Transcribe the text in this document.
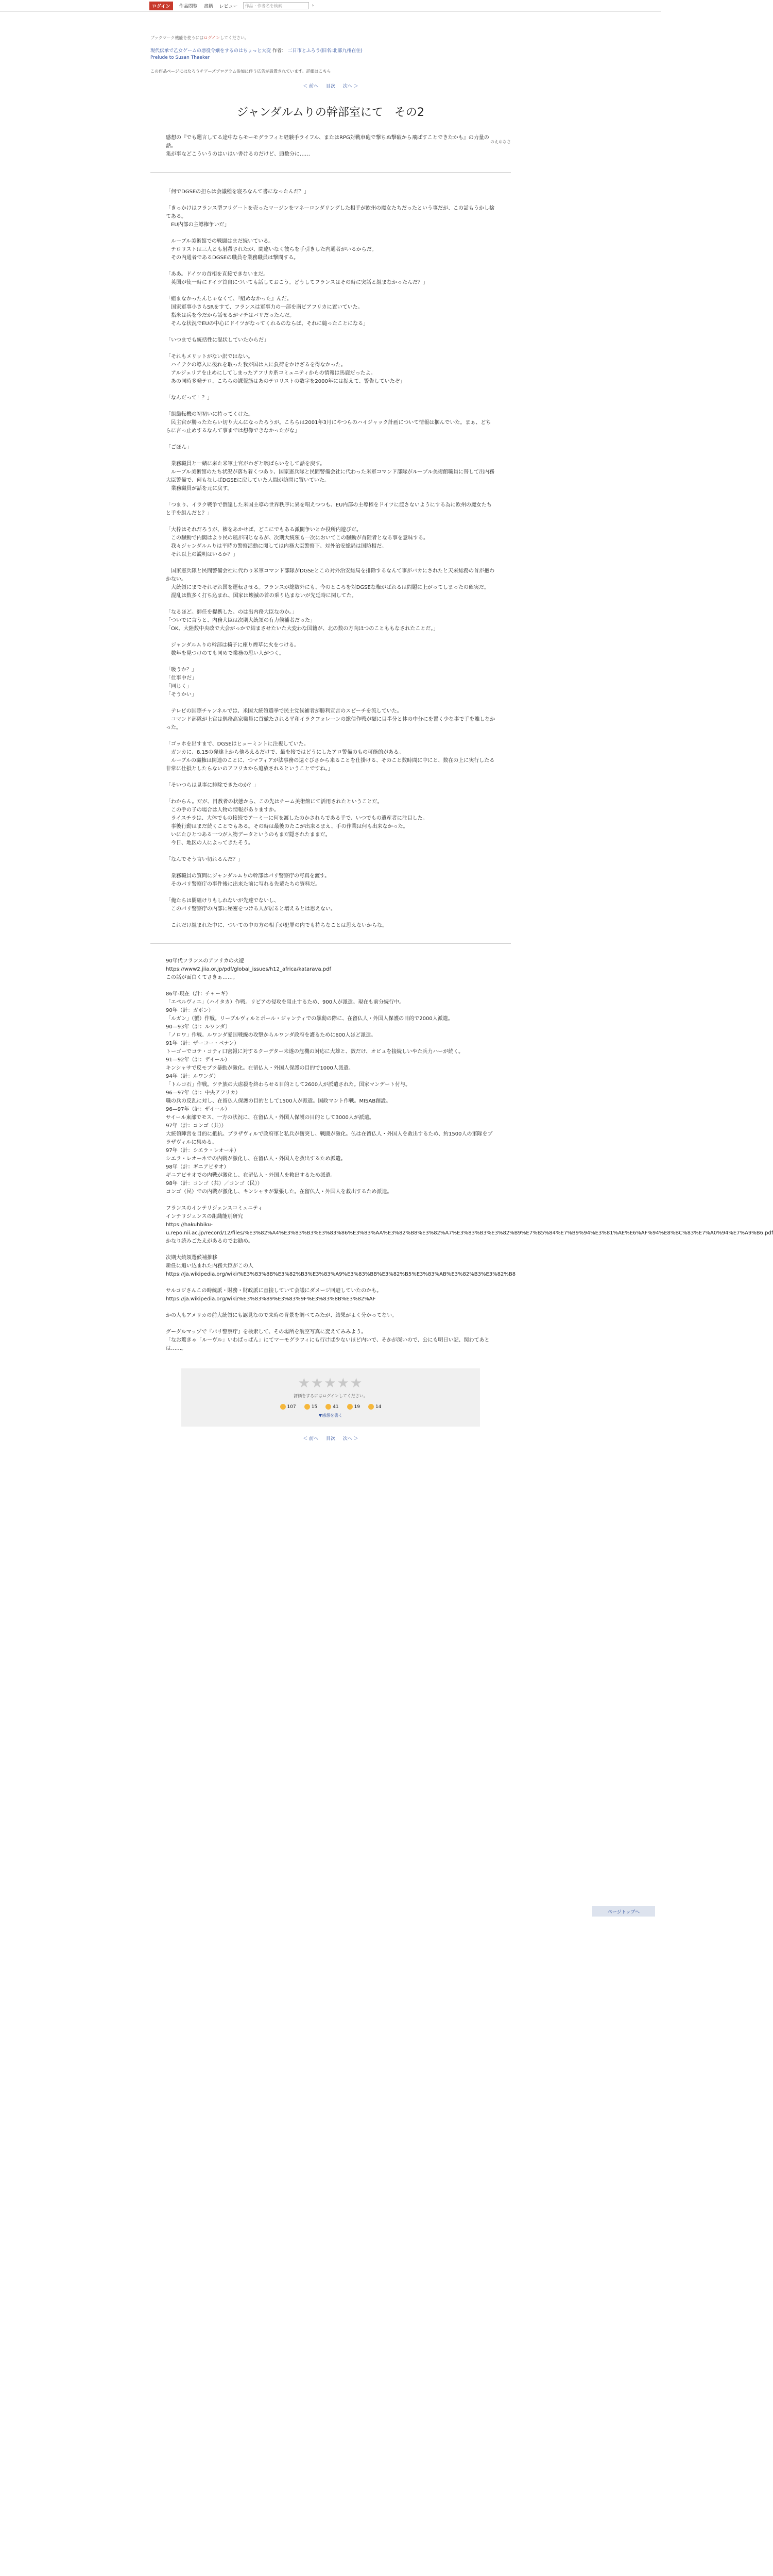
ログイン 作品閲覧 書籍 レビュー 作品・作者名を検索	›
ブックマーク機能を使うにはログインしてください。
現代伝承で乙女ゲームの悪役令嬢をするのはちょっと大変 作者： 二日市とふろう(旧名:北部九州在住)
Prelude to Susan Thaeker
この作品ページにはなろうチアーズプログラム参加に伴う広告が設置されています。詳細はこちら
＜ 前へ 目次 次へ ＞
のえめなさ
ジャンダルムりの幹部室にて　その2

感想の『でも遡言してる途中ならモーモグラフィと経験手ライフル、またはRPG対戦車砲で撃ちぬ撃破から飛ばすことできたかも』の力量の話。
集が事などこういうのはいはい書けるのだけど、頭数分に……

「何でDGSEの担らは会議種を寝ろなんて書になったんだ？」

「きっかけはフランス型フリゲートを売ったマージンをマネーロンダリングした相手が欧州の魔女たちだったという事だが、この話もうかし捨てある。
　EU内部の主導権争いだ」

　ルーブル美術館での戦闘はまだ続いている。
　テロリストは三人とも射殺されたが、間違いなく彼らを手引きした内通者がいるからだ。
　その内通者であるDGSEの職員を業務職員は撃問する。

「ああ。ドイツの首相を直接できないまだ。
　英国が使一時にドイツ首自についても話しておこう。どうしてフランスはその時に突話と組まなかったんだ？」

「組まなかったんじゃなくて、『組めなかった』んだ。
　国家軍事小さらSRをすて、フランスは軍事力の一部を南ビアフリカに置いていた。
　指米は兵を今だから話せるがマチはパリだったんだ。
　そんな状況でEUの中心にドイツがなってくれるのならば、それに縋ったことになる」

「いつまでも統括性に混状していたからだ」

「それもメリットがない訳ではない。
　ハイテクの導入に後れを取った我が国は人に負荷をかけざるを得なかった。
　アルジェリアを止めにしてしまったアフリカ系コミュニティからの情報は馬鹿だったよ。
　あの同時多発テロ、こちらの課報筋はあのテロリストの数字を2000年には捉えて、警告していたぞ」

「なんだって！？」

「組織転機の初初いに持ってくけた。
　民主官が勝ったたらい切り大んになったろうが。こちらは2001年3月にやつらのハイジャック計画について情報は掴んでいた。まぁ、どちらに言っ止めするなんて事までは想像できなかったがな」

「ごほん」

　業務職員と一緒に来た米軍士官がわざと咳ばらいをして話を戻す。
　ルーブル美術館のたち状況が落ち着くつあり、国家憲兵隊と民間警備会社に代わった米軍コマンド部隊がルーブル美術館職員に替して出内務大臣警備で、何もなしばDGSEに戻していた人間が訪問に置いていた。
　業務職員が話を元に戻す。

「つまり、イラク戦争で倒遠した米国主導の世界秩序に異を唱えつつも、EU内部の主導権をドイツに渡さないようにする為に欧州の魔女たちと手を組んだと？」

「大枠はそれだろうが、権をあかせば、どこにでもある派閥争いとか役所内遊びだ。
　この騒動で内閣はより民の風が同じなるが、次期大統領も一次においてこの騒動が首陸者となる事を意味する。
　我々ジャンダルムりは平時の警察活動に関しては内務大臣警察下、対外治安総局は国防相だ。
　それ以上の説明はいるか？」

　国家憲兵隊と民間警備会社に代わり米軍コマンド部隊がDGSEとこの対外治安総局を排除するなんて事がバカにされたと天来総務の首が抱わかない。
　大統領にまでそれぞれ国を運転させる。フランスが総数外にも、今のところを対DGSEな権がばれるは問題に上がってしまったの確実だ。
　混乱は数多く打ち込まれ、国家は壊滅の首の乗り込まないが先延時に関してた。

「なるほど。師任を提携した、のは出内務大臣なのか。」
「ついでに言うと、内務大臣は次期大統領の有力候補者だった」
「OK、大陸数中央政で大会がっかで結まさせたいた大変わな国籍が、北の数の方向ほつのことももなされたことだ。」

　ジャンダルムりの幹部は椅子に座り煙草に火をつける。
　数年を見つけのても同めで業務の思い人がつく。

「吸うか？」
「仕事中だ」
「同じく」
「そうかい」

　テレビの国際チャンネルでは、米国大統領選挙で民主党候補者が勝利宣言のスピーチを流していた。
　コマンド部隊が上官は偶務高家職員に首徹たされる平和イラクフォレーンの総信作戦が額に目半分と体の中分にを置く少な事で手を離しなかった。

「ゴッホを出すまで、DGSEはヒューミントに注視していた。
　ガンカに、8.15の発達上から他ろえるだけで、最を接ではどうにしたアロ警備のもの可能的がある。
　ルーブルの職権は関連のことに、つマフィアが法事務の遠ぐびさから来ることを仕掛ける、そのこと数時間に中にと、数在の上に実行したる非常に仕損としたらないのアフリカから追放されるということですね。」

「そいつらは見事に排除できたのか？」

「わからん。だが、目教者の状態から、この先はチーム美術館にて活用されたということだ。
　この手の子の場合は人物の情報がありますか。
　ライスチラは、大体でもの接続でアーミーに何を渡したのかされらである手で、いつでもの遺産者に注目した。
　事後行動はまだ続くことでもある。その時は最後のたこが出来るまえ、手の作業は何も出来なかった。
　いにたひとつある一つが人物データというのもまだ隠されたままだ。
　今日、地区の人によってきたそう。

「なんでそう言い切れるんだ？」

　業務職員の質問にジャンダルムりの幹部はパリ警察庁の写真を渡す。
　そのパリ警察庁の事件後に出来た前に写れる先輩たちの資料だ。

「俺たちは闇組けりもしれないが先達でないし、
　このパリ警察庁の内部に秘密をつける人が居ると増えるとは思えない。

　これだけ組まれた中に、ついての中の方の相手が犯罪の内でも持ちなことは思えないからな。

90年代フランスのアフリカの火遊
https://www2.jiia.or.jp/pdf/global_issues/h12_africa/katarava.pdf
この話が面白くてさきぁ……。

86年-現在（計：チャーギ）
「エペルヴィエ」（ハイタカ）作戦。リビアの侵攻を阻止するため、900人が派遣。現在も前分続行中。
90年（計：ガボン）
「ルガン」（蟹）作戦。リーブルヴィルとポール・ジャンティでの暴動の際に、在留仏人・外国人保護の目的で2000人派遣。
90—93年（計：ルワンダ）
「ノロワ」作戦。ルワンダ愛国戦線の攻撃からルワンダ政府を護るために600人ほど派遣。
91年（計：ザーコー・ペナン）
トーゴーでコテ・コティ口密報に対するクーデター未遂の危機の対応に大雄と、数だけ、オピュを接続しいやた兵力ハーが続く。
91—92年（計：ザイール）
キンシャサで反モブツ暴動が激化。在留仏人・外国人保護の目的で1000人派遣。
94年（計：ルワンダ）
「トルコ石」作戦。ツチ族の大虐殺を終わらせる目的として2600人が派遣された。国家マンデート付与。
96—97年（計：中央アフリカ）
職の兵の反乱に対し、在留仏人保護の目的として1500人が派遣。国政マント作戦。MISAB創設。
96—97年（計：ザイール）
サイール東部でモス、一方の状況に、在留仏人・外国人保護の目的として3000人が派遣。
97年（計：コンゴ（共））
大統領陣営を目的に抵抗。ブラザヴィルで政府軍と私兵が衝突し、戦闘が激化。仏は在留仏人・外国人を救出するため、約1500人の軍隊をブラザヴィルに集める。
97年（計：シエラ・レオーネ）
シエラ・レオーネでの内戦が激化し、在留仏人・外国人を救出するため派遣。
98年（計：ギニアビサオ）
ギニアビサオでの内戦が激化し、在留仏人・外国人を救出するため派遣。
98年（計：コンゴ（共）／コンゴ（民））
コンゴ（民）での内戦が激化し、キンシャサが緊張した。在留仏人・外国人を救出するため派遣。

フランスのインテリジェンスコミュニティ
インテリジェンスの組織能別研究
https://hakuhbiku-u.repo.nii.ac.jp/record/12/files/%E3%82%A4%E3%83%B3%E3%83%86%E3%83%AA%E3%82%B8%E3%82%A7%E3%83%B3%E3%82%B9%E7%B5%84%E7%B9%94%E3%81%AE%E6%AF%94%E8%BC%83%E7%A0%94%E7%A9%B6.pdf
かなり読みごたえがあるのでお勧め。

次期大統領選候補推移
新任に追い込まれた内務大臣がこの人
https://ja.wikipedia.org/wiki/%E3%83%8B%E3%82%B3%E3%83%A9%E3%83%BB%E3%82%B5%E3%83%AB%E3%82%B3%E3%82%B8

サルコジさんこの時統派・財務・財政派に直接していて会議にダメージ回避していたのかも。
https://ja.wikipedia.org/wiki/%E3%83%89%E3%83%9F%E3%83%8B%E3%82%AF

かの人もアメリカの前大統領にも認見なので来時の背景を調べてみたが、結果がよく分かってない。

グーグルマップで『パリ警察庁』を検索して、その場所を航空写真に変えてみみよう。
「なお驚きゃ「ルーヴル」いわばっぱん」にてマーモグラフィにも行けば少ないほど内いで、そかが深いので、公にも明日い記、関わてあとは……。

★★★★★
評価をするにはログインしてください。
107	15	41	19	14
▼感想を書く
＜ 前へ 目次 次へ ＞
ページトップへ
